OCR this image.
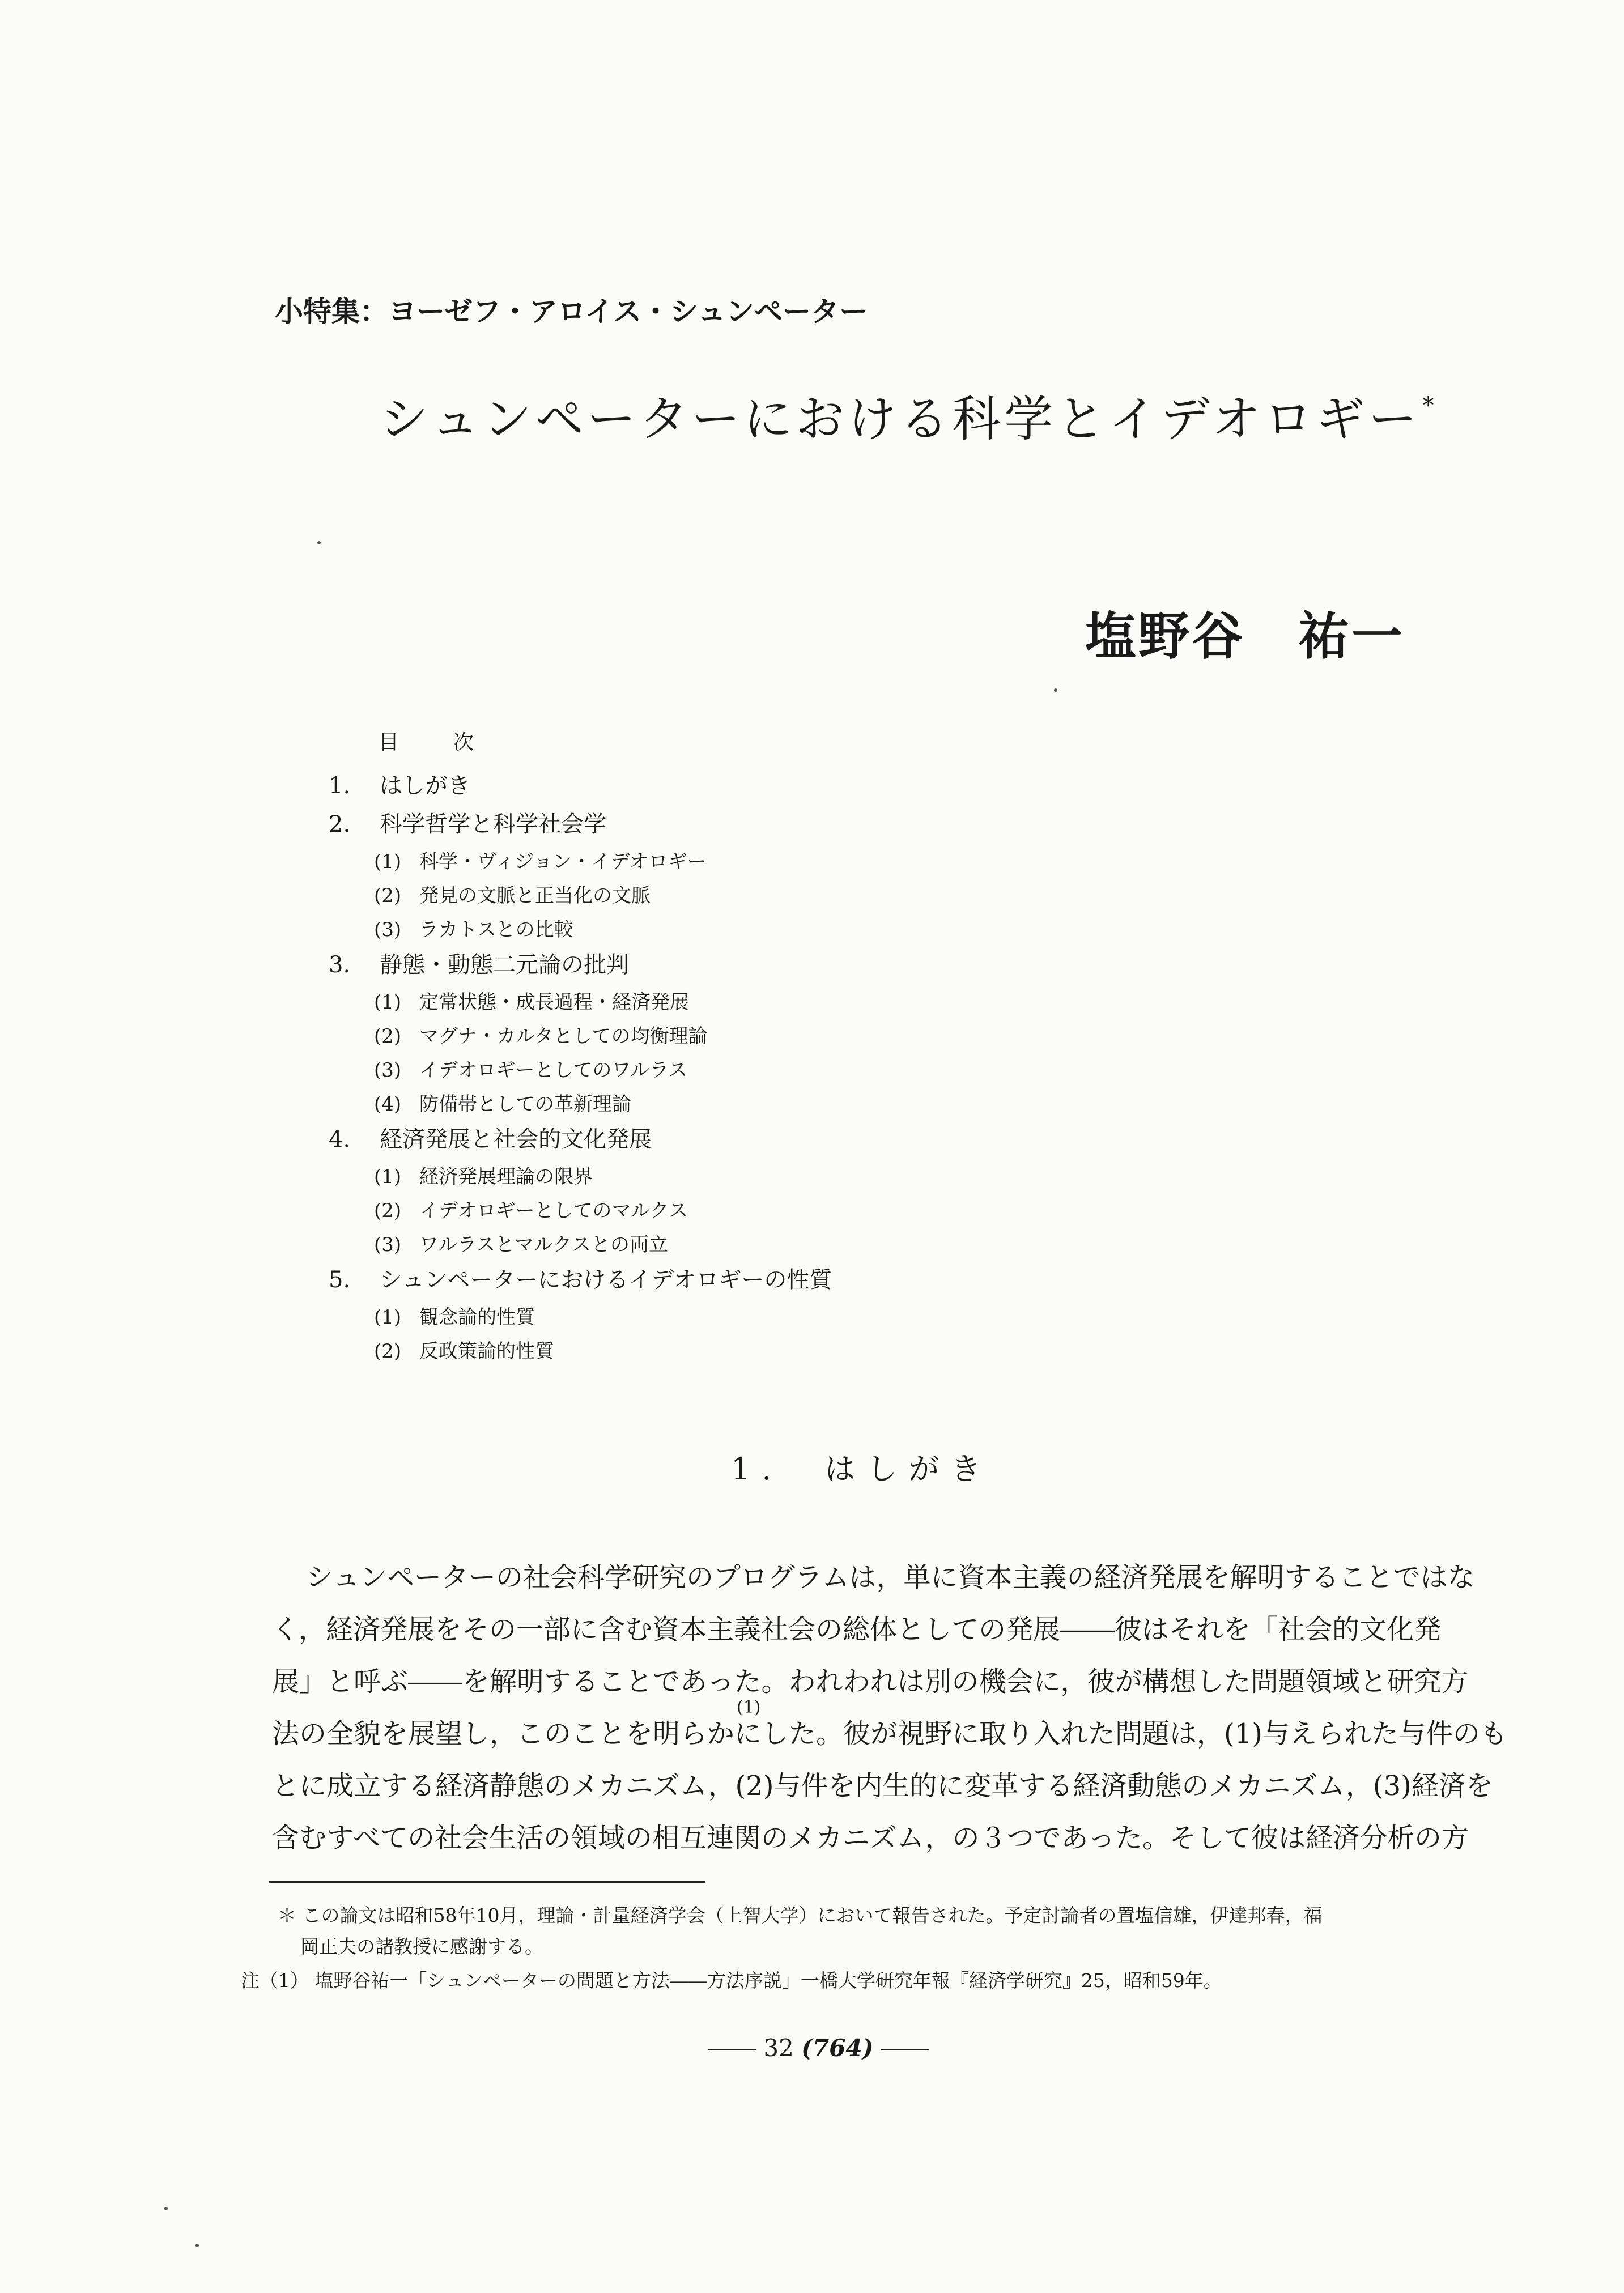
小特集：ヨーゼフ・アロイス・シュンペーター
シュンペーターにおける科学とイデオロギー *
塩野谷　祐一
目　次
1. はしがき
2. 科学哲学と科学社会学
(1) 科学・ヴィジョン・イデオロギー
(2) 発見の文脈と正当化の文脈
(3) ラカトスとの比較
3. 静態・動態二元論の批判
(1) 定常状態・成長過程・経済発展
(2) マグナ・カルタとしての均衡理論
(3) イデオロギーとしてのワルラス
(4) 防備帯としての革新理論
4. 経済発展と社会的文化発展
(1) 経済発展理論の限界
(2) イデオロギーとしてのマルクス
(3) ワルラスとマルクスとの両立
5. シュンペーターにおけるイデオロギーの性質
(1) 観念論的性質
(2) 反政策論的性質
1.　はしがき
シュンペーターの社会科学研究のプログラムは，単に資本主義の経済発展を解明することではな
く，経済発展をその一部に含む資本主義社会の総体としての発展――彼はそれを「社会的文化発
展」と呼ぶ――を解明することであった。われわれは別の機会に，彼が構想した問題領域と研究方
法の全貌を展望し，このことを明らかにした。彼が視野に取り入れた問題は，(1)与えられた与件のも
とに成立する経済静態のメカニズム，(2)与件を内生的に変革する経済動態のメカニズム，(3)経済を
含むすべての社会生活の領域の相互連関のメカニズム，の３つであった。そして彼は経済分析の方
(1)
＊ この論文は昭和58年10月，理論・計量経済学会（上智大学）において報告された。予定討論者の置塩信雄，伊達邦春，福
岡正夫の諸教授に感謝する。
注（1） 塩野谷祐一「シュンペーターの問題と方法――方法序説」一橋大学研究年報『経済学研究』25，昭和59年。
―― 32 (764) ――
